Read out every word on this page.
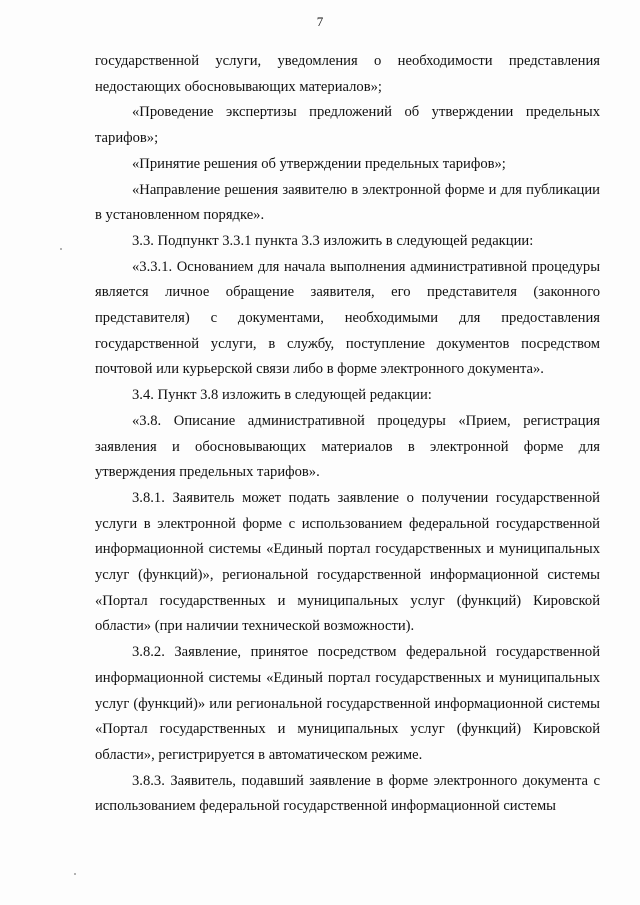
7

государственной услуги, уведомления о необходимости представления недостающих обосновывающих материалов»;

«Проведение экспертизы предложений об утверждении предельных тарифов»;

«Принятие решения об утверждении предельных тарифов»;

«Направление решения заявителю в электронной форме и для публикации в установленном порядке».

3.3. Подпункт 3.3.1 пункта 3.3 изложить в следующей редакции:

«3.3.1. Основанием для начала выполнения административной процедуры является личное обращение заявителя, его представителя (законного представителя) с документами, необходимыми для предоставления государственной услуги, в службу, поступление документов посредством почтовой или курьерской связи либо в форме электронного документа».

3.4. Пункт 3.8 изложить в следующей редакции:

«3.8. Описание административной процедуры «Прием, регистрация заявления и обосновывающих материалов в электронной форме для утверждения предельных тарифов».

3.8.1. Заявитель может подать заявление о получении государственной услуги в электронной форме с использованием федеральной государственной информационной системы «Единый портал государственных и муниципальных услуг (функций)», региональной государственной информационной системы «Портал государственных и муниципальных услуг (функций) Кировской области» (при наличии технической возможности).

3.8.2. Заявление, принятое посредством федеральной государственной информационной системы «Единый портал государственных и муниципальных услуг (функций)» или региональной государственной информационной системы «Портал государственных и муниципальных услуг (функций) Кировской области», регистрируется в автоматическом режиме.

3.8.3. Заявитель, подавший заявление в форме электронного документа с использованием федеральной государственной информационной системы
